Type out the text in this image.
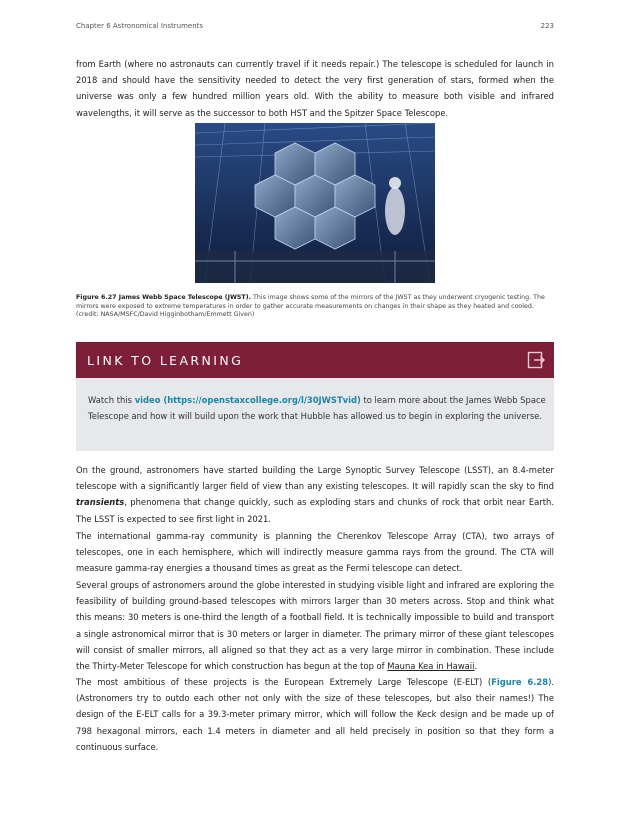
Chapter 6 Astronomical Instruments	223

from Earth (where no astronauts can currently travel if it needs repair.) The telescope is scheduled for launch in 2018 and should have the sensitivity needed to detect the very first generation of stars, formed when the universe was only a few hundred million years old. With the ability to measure both visible and infrared wavelengths, it will serve as the successor to both HST and the Spitzer Space Telescope.

Figure 6.27 James Webb Space Telescope (JWST). This image shows some of the mirrors of the JWST as they underwent cryogenic testing. The mirrors were exposed to extreme temperatures in order to gather accurate measurements on changes in their shape as they heated and cooled. (credit: NASA/MSFC/David Higginbotham/Emmett Given)

LINK TO LEARNING

Watch this video (https://openstaxcollege.org/l/30JWSTvid) to learn more about the James Webb Space Telescope and how it will build upon the work that Hubble has allowed us to begin in exploring the universe.

On the ground, astronomers have started building the Large Synoptic Survey Telescope (LSST), an 8.4-meter telescope with a significantly larger field of view than any existing telescopes. It will rapidly scan the sky to find transients, phenomena that change quickly, such as exploding stars and chunks of rock that orbit near Earth. The LSST is expected to see first light in 2021.

The international gamma-ray community is planning the Cherenkov Telescope Array (CTA), two arrays of telescopes, one in each hemisphere, which will indirectly measure gamma rays from the ground. The CTA will measure gamma-ray energies a thousand times as great as the Fermi telescope can detect.

Several groups of astronomers around the globe interested in studying visible light and infrared are exploring the feasibility of building ground-based telescopes with mirrors larger than 30 meters across. Stop and think what this means: 30 meters is one-third the length of a football field. It is technically impossible to build and transport a single astronomical mirror that is 30 meters or larger in diameter. The primary mirror of these giant telescopes will consist of smaller mirrors, all aligned so that they act as a very large mirror in combination. These include the Thirty-Meter Telescope for which construction has begun at the top of Mauna Kea in Hawaii.

The most ambitious of these projects is the European Extremely Large Telescope (E-ELT) (Figure 6.28). (Astronomers try to outdo each other not only with the size of these telescopes, but also their names!) The design of the E-ELT calls for a 39.3-meter primary mirror, which will follow the Keck design and be made up of 798 hexagonal mirrors, each 1.4 meters in diameter and all held precisely in position so that they form a continuous surface.
